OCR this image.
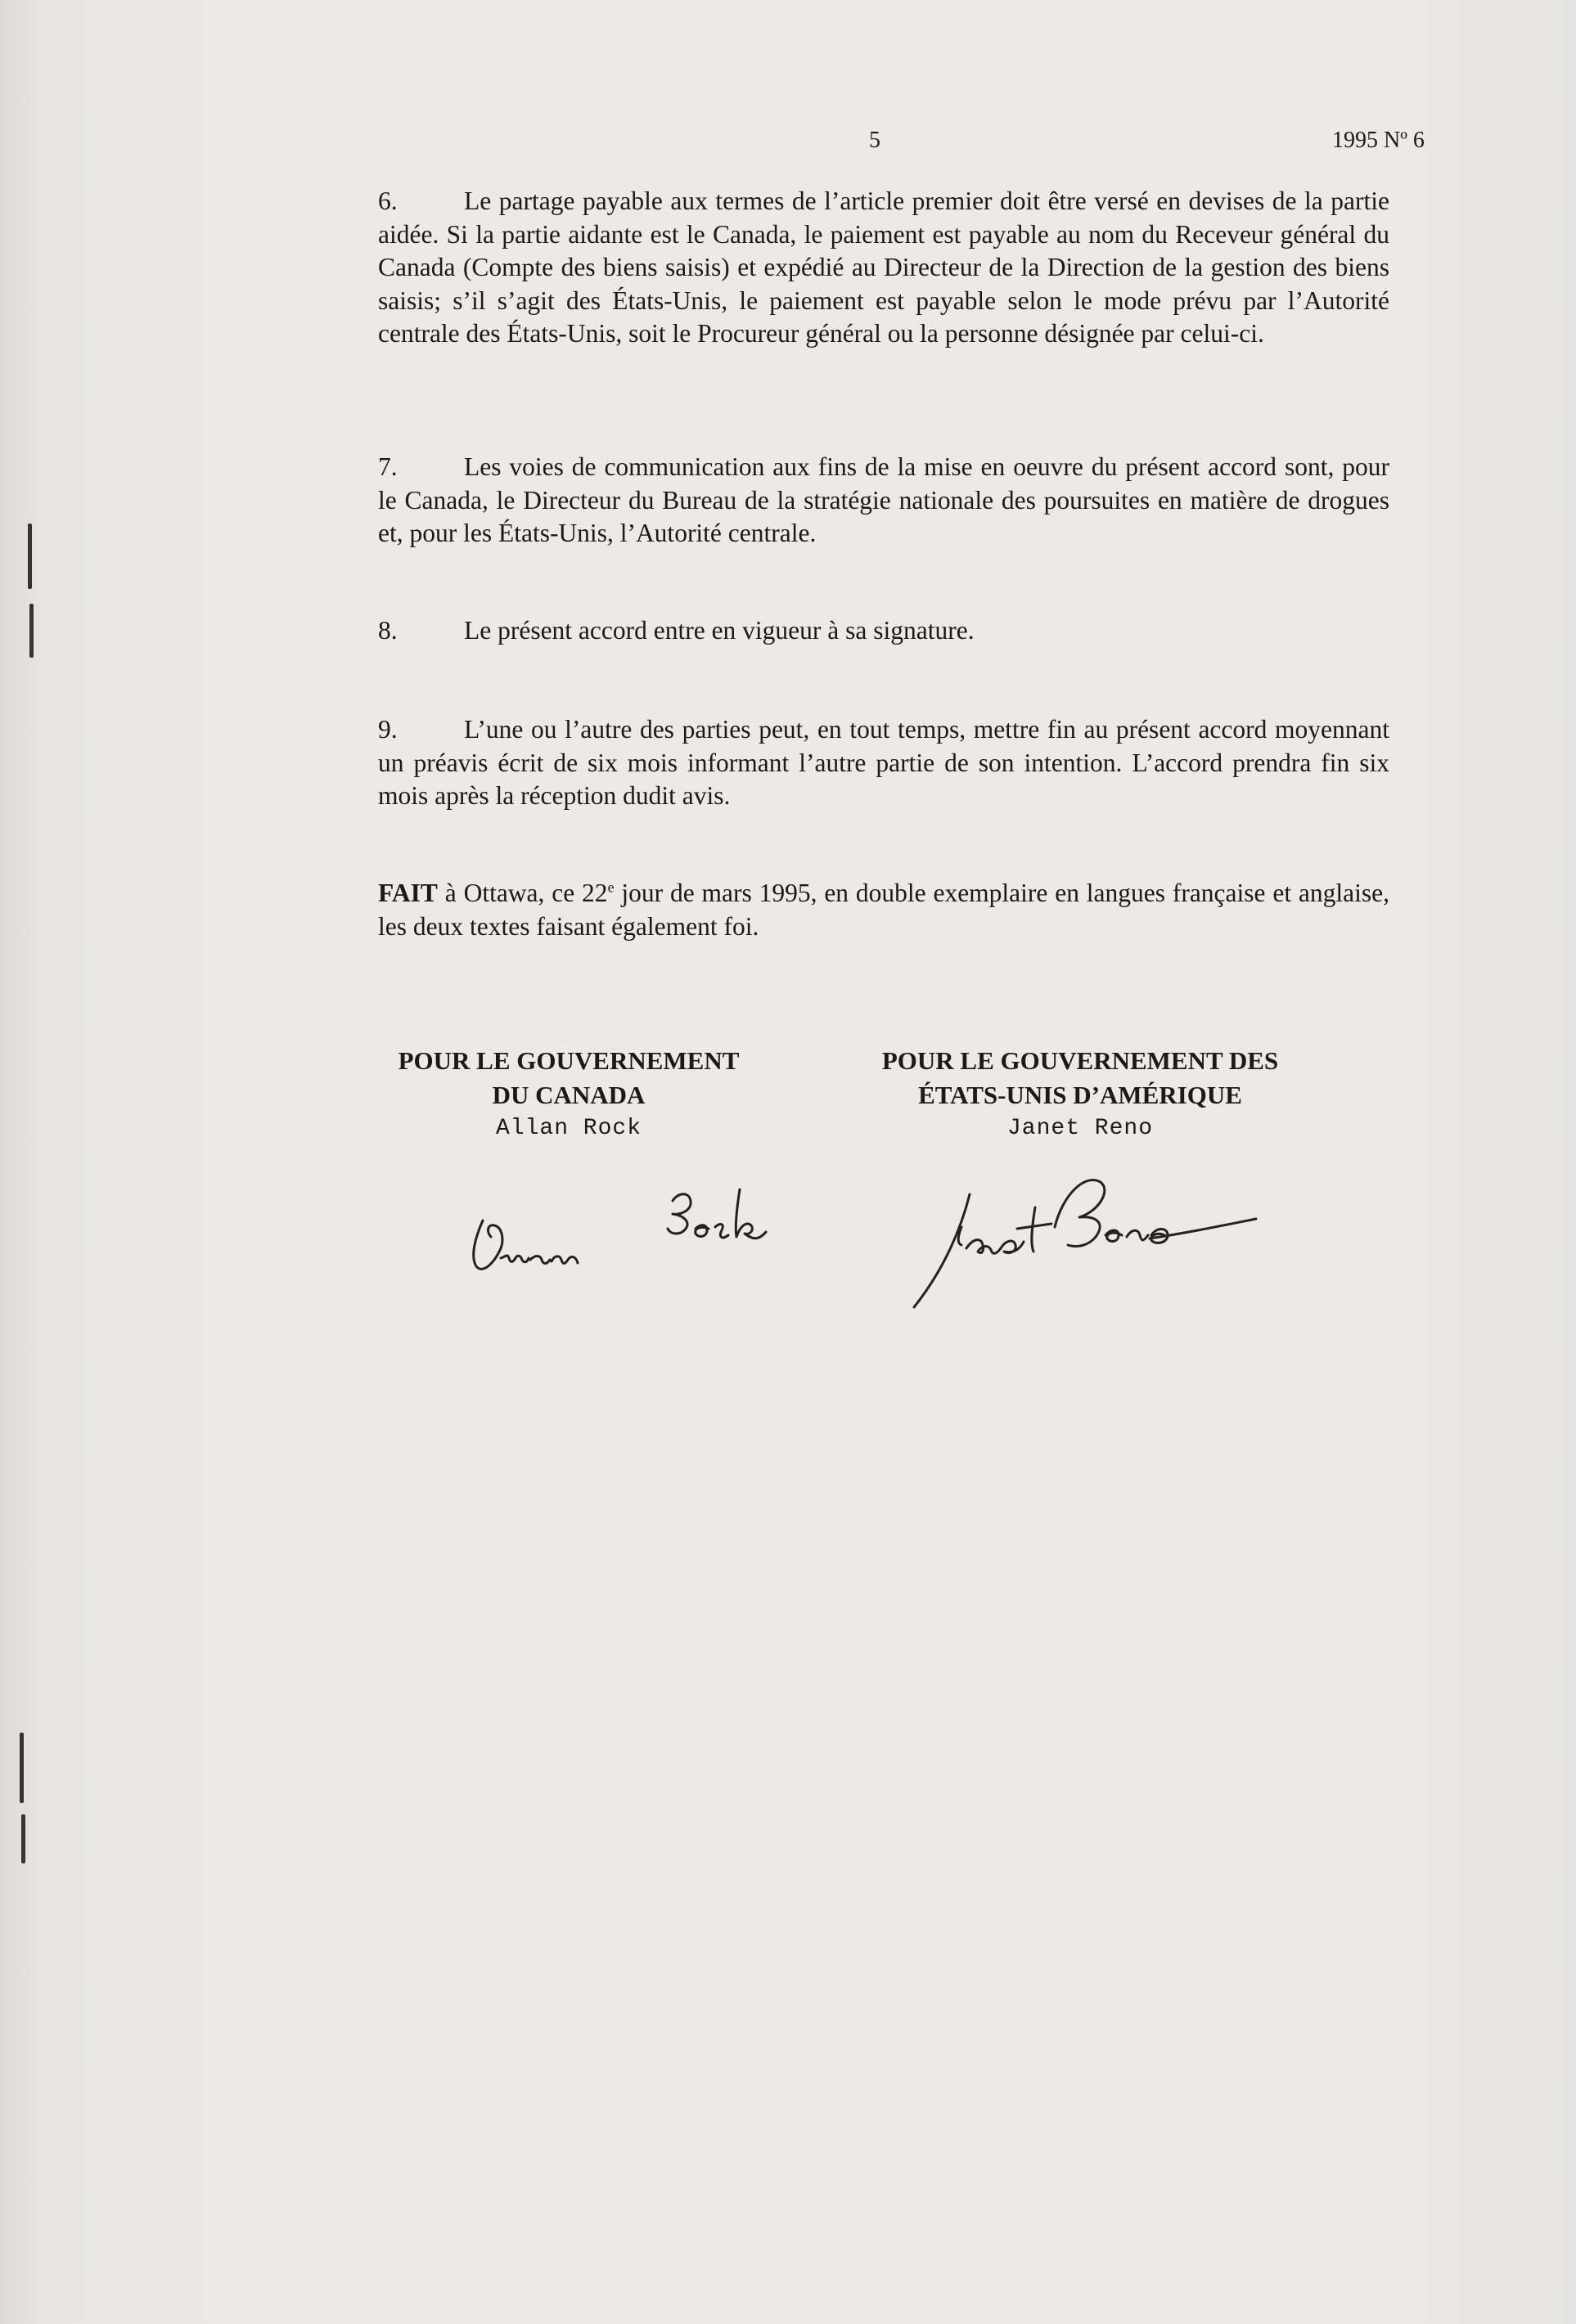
5	1995 Nº 6

6.	Le partage payable aux termes de l’article premier doit être versé en devises de la partie aidée. Si la partie aidante est le Canada, le paiement est payable au nom du Receveur général du Canada (Compte des biens saisis) et expédié au Directeur de la Direction de la gestion des biens saisis; s’il s’agit des États-Unis, le paiement est payable selon le mode prévu par l’Autorité centrale des États-Unis, soit le Procureur général ou la personne désignée par celui-ci.

7.	Les voies de communication aux fins de la mise en oeuvre du présent accord sont, pour le Canada, le Directeur du Bureau de la stratégie nationale des poursuites en matière de drogues et, pour les États-Unis, l’Autorité centrale.

8.	Le présent accord entre en vigueur à sa signature.

9.	L’une ou l’autre des parties peut, en tout temps, mettre fin au présent accord moyennant un préavis écrit de six mois informant l’autre partie de son intention. L’accord prendra fin six mois après la réception dudit avis.

FAIT à Ottawa, ce 22e jour de mars 1995, en double exemplaire en langues française et anglaise, les deux textes faisant également foi.

POUR LE GOUVERNEMENT

DU CANADA

Allan Rock

POUR LE GOUVERNEMENT DES

ÉTATS-UNIS D’AMÉRIQUE

Janet Reno
